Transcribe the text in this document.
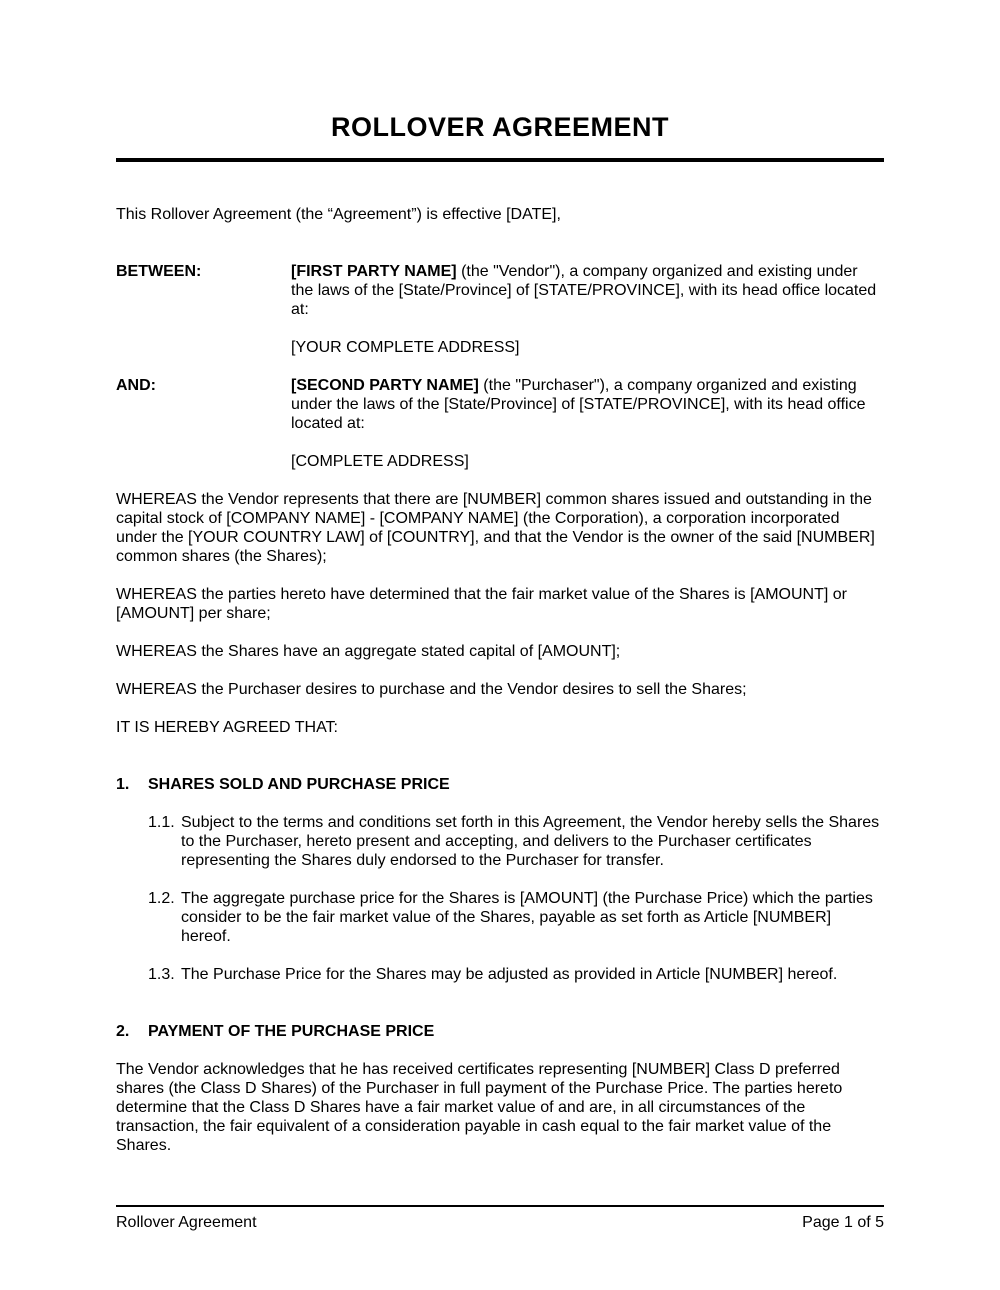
ROLLOVER AGREEMENT

This Rollover Agreement (the “Agreement”) is effective [DATE],

BETWEEN:	[FIRST PARTY NAME] (the "Vendor"), a company organized and existing under the laws of the [State/Province] of [STATE/PROVINCE], with its head office located at:

[YOUR COMPLETE ADDRESS]

AND:	[SECOND PARTY NAME] (the "Purchaser"), a company organized and existing under the laws of the [State/Province] of [STATE/PROVINCE], with its head office located at:

[COMPLETE ADDRESS]

WHEREAS the Vendor represents that there are [NUMBER] common shares issued and outstanding in the capital stock of [COMPANY NAME] - [COMPANY NAME] (the Corporation), a corporation incorporated under the [YOUR COUNTRY LAW] of [COUNTRY], and that the Vendor is the owner of the said [NUMBER] common shares (the Shares);

WHEREAS the parties hereto have determined that the fair market value of the Shares is [AMOUNT] or [AMOUNT] per share;

WHEREAS the Shares have an aggregate stated capital of [AMOUNT];

WHEREAS the Purchaser desires to purchase and the Vendor desires to sell the Shares;

IT IS HEREBY AGREED THAT:

1.	SHARES SOLD AND PURCHASE PRICE
1.1. Subject to the terms and conditions set forth in this Agreement, the Vendor hereby sells the Shares to the Purchaser, hereto present and accepting, and delivers to the Purchaser certificates representing the Shares duly endorsed to the Purchaser for transfer.
1.2. The aggregate purchase price for the Shares is [AMOUNT] (the Purchase Price) which the parties consider to be the fair market value of the Shares, payable as set forth as Article [NUMBER] hereof.
1.3. The Purchase Price for the Shares may be adjusted as provided in Article [NUMBER] hereof.
2.	PAYMENT OF THE PURCHASE PRICE

The Vendor acknowledges that he has received certificates representing [NUMBER] Class D preferred shares (the Class D Shares) of the Purchaser in full payment of the Purchase Price. The parties hereto determine that the Class D Shares have a fair market value of and are, in all circumstances of the transaction, the fair equivalent of a consideration payable in cash equal to the fair market value of the Shares.

Rollover Agreement	Page 1 of 5
